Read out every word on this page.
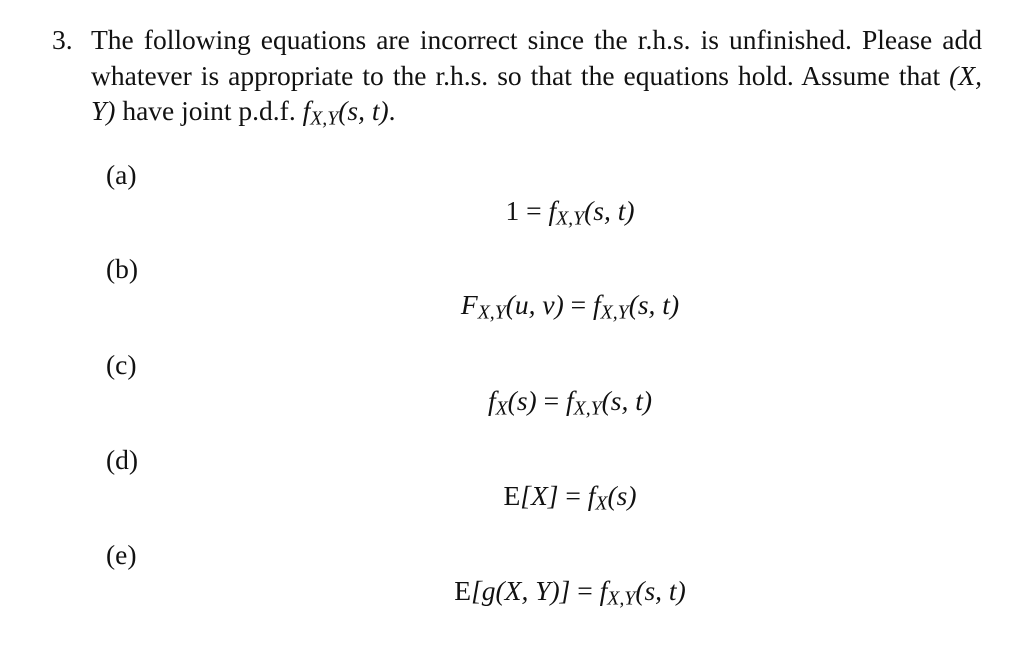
3. The following equations are incorrect since the r.h.s. is unfinished. Please add whatever is appropriate to the r.h.s. so that the equations hold. Assume that (X, Y) have joint p.d.f. $f_{X,Y}(s$, t).
(a)
$1 = f_{X,Y}(s$, t)
(b)
$F_{X,Y}(u$, $v) = f_{X,Y}(s$, t)
(c)
$f_X(s) = f_{X,Y}(s$, t)
(d)
$E[X] = f_X(s)$
(e)
E[g(X, $Y)] = f_{X,Y}(s$, t)
